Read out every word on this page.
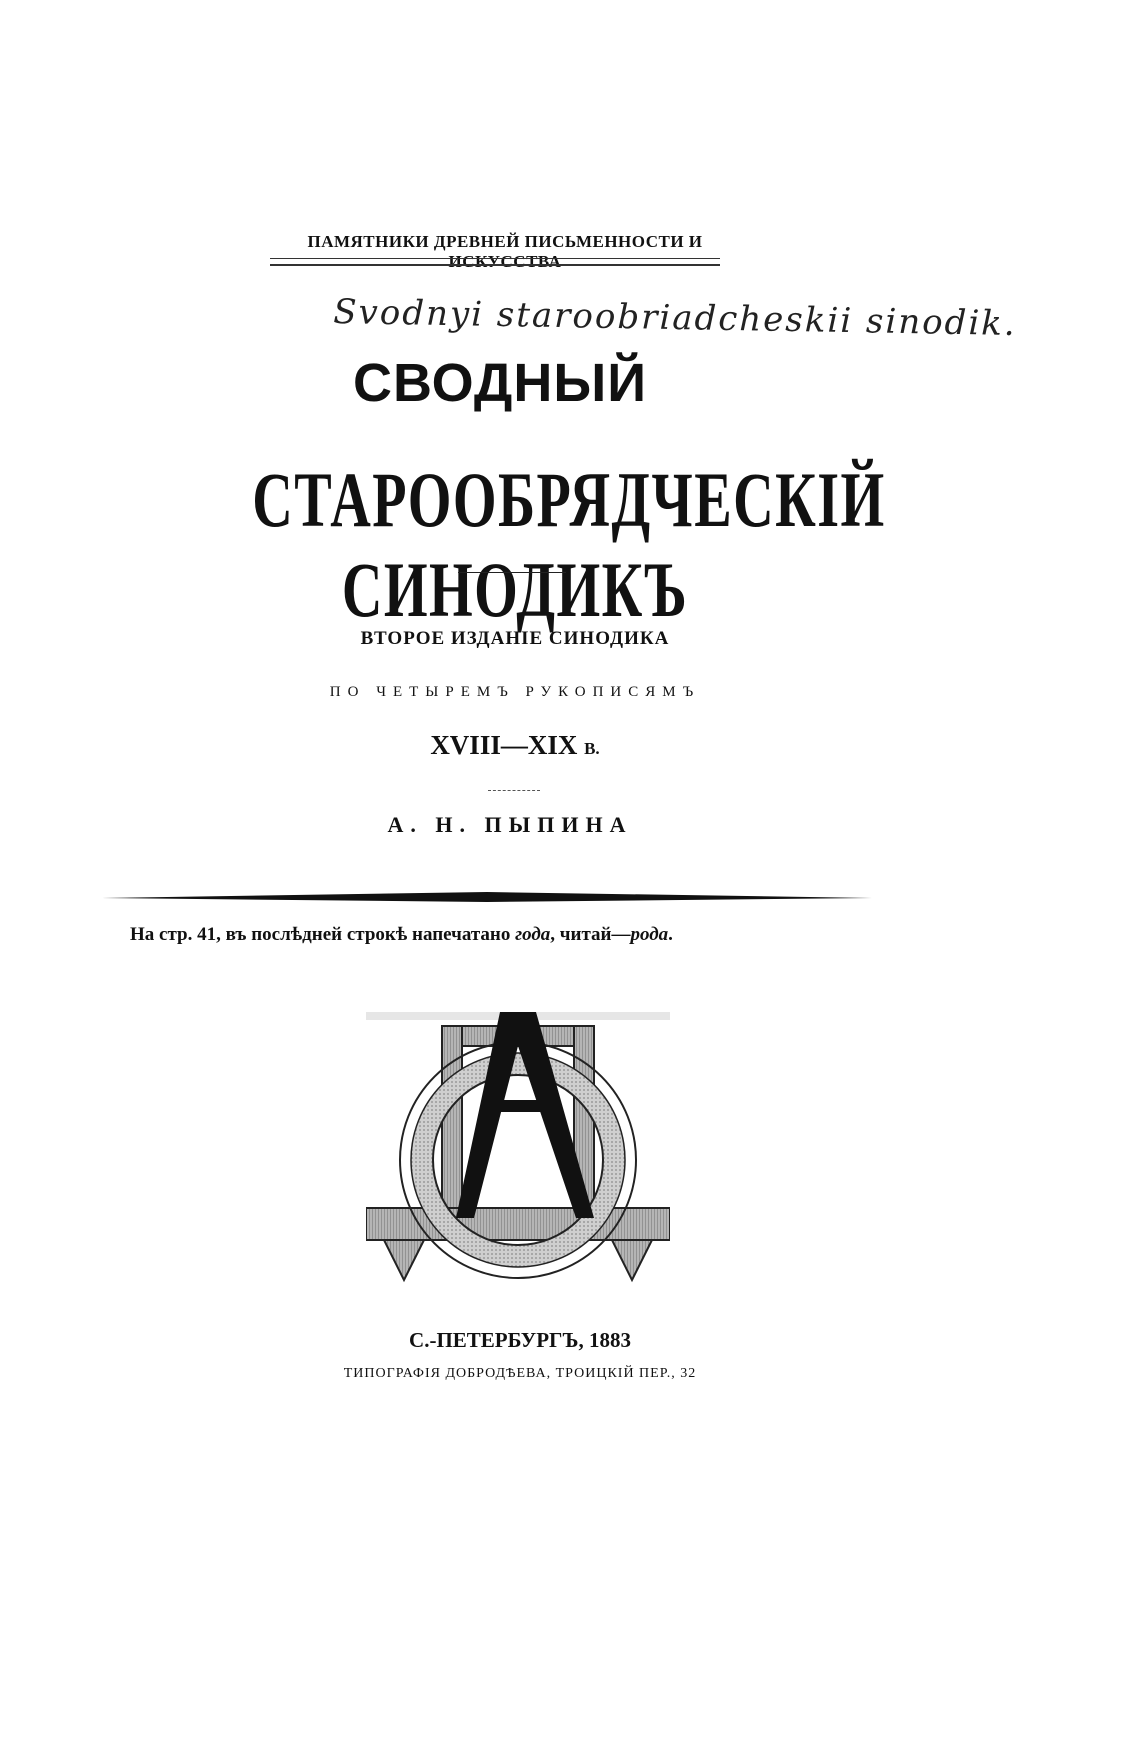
ПАМЯТНИКИ ДРЕВНЕЙ ПИСЬМЕННОСТИ И ИСКУССТВА
Svodnyi staroobriadcheskii sinodik.
СВОДНЫЙ
СТАРООБРЯДЧЕСКІЙ СИНОДИКЪ
ВТОРОЕ ИЗДАНІЕ СИНОДИКА
ПО ЧЕТЫРЕМЪ РУКОПИСЯМЪ
XVIII—XIX В.
А. Н. ПЫПИНА
На стр. 41, въ послѣдней строкѣ напечатано года, читай—рода.
С.-ПЕТЕРБУРГЪ, 1883
ТИПОГРАФІЯ ДОБРОДѢЕВА, ТРОИЦКІЙ ПЕР., 32
